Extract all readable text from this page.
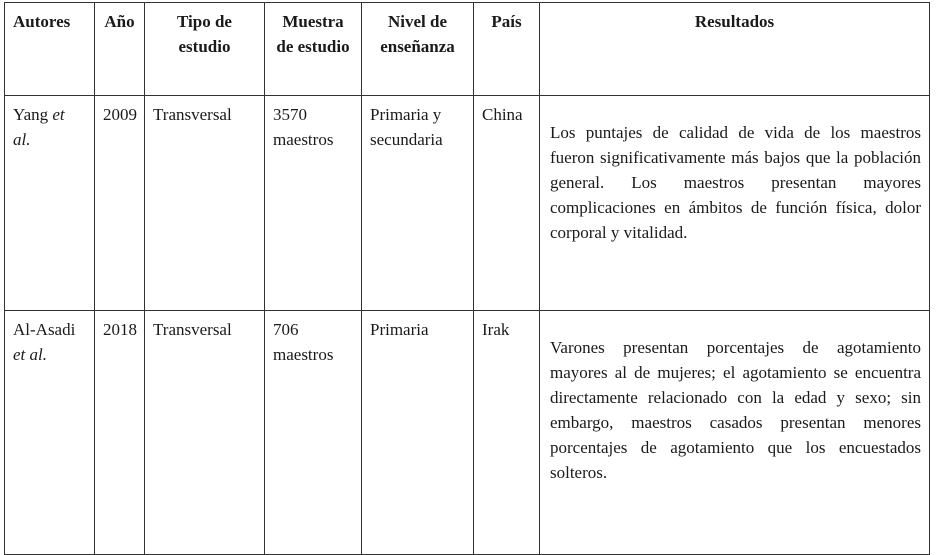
Autores	Año	Tipo de estudio	Muestra de estudio	Nivel de enseñanza	País	Resultados
Yang et al.	2009	Transversal	3570 maestros	Primaria y secundaria	China	Los puntajes de calidad de vida de los maestros fueron significativamente más bajos que la población general. Los maestros presentan mayores complicaciones en ámbitos de función física, dolor corporal y vitalidad.
Al-Asadi et al.	2018	Transversal	706 maestros	Primaria	Irak	Varones presentan porcentajes de agotamiento mayores al de mujeres; el agotamiento se encuentra directamente relacionado con la edad y sexo; sin embargo, maestros casados presentan menores porcentajes de agotamiento que los encuestados solteros.
